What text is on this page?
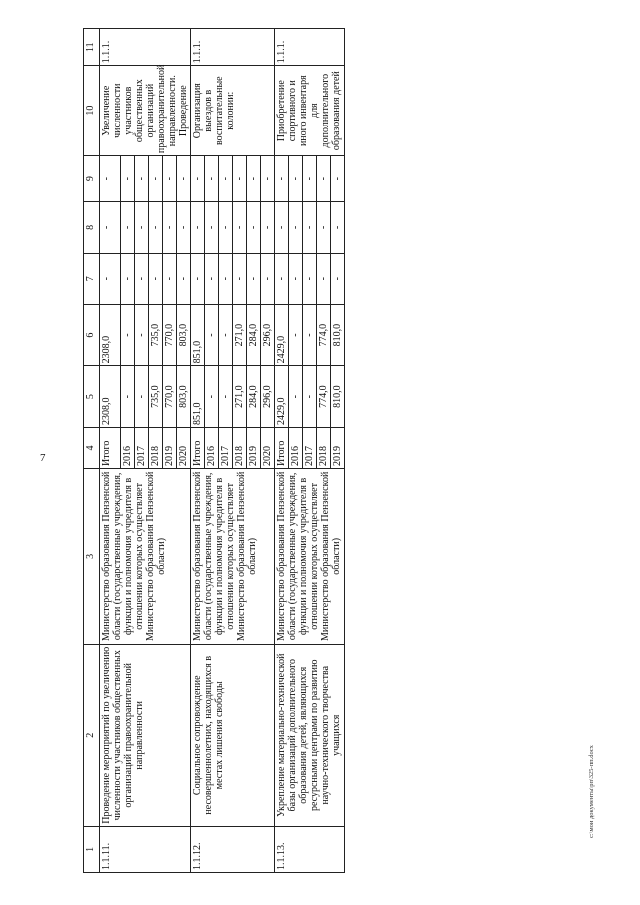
7
c:\мои документы\рп\325-пп.docx
1	2	3	4	5	6	7	8	9	10	11
1.1.11.	Проведение мероприятий по увеличению численности участников общественных организаций правоохранительной направленности	Министерство образования Пензенской области (государственные учреждения, функции и полномочия учредителя в отношении которых осуществляет Министерство образования Пензенской области)	Итого	2308,0	2308,0	-	-	-	Увеличение численности участников общественных организаций правоохранительной направленности. Проведение	1.1.1.
			2016	-	-	-	-	-		
			2017	-	-	-	-	-		
			2018	735,0	735,0	-	-	-		
			2019	770,0	770,0	-	-	-		
			2020	803,0	803,0	-	-	-		
1.1.12.	Социальное сопровождение несовершеннолетних, находящихся в местах лишения свободы	Министерство образования Пензенской области (государственные учреждения, функции и полномочия учредителя в отношении которых осуществляет Министерство образования Пензенской области)	Итого	851,0	851,0	-	-	-	Организация выездов в воспитательные колонии:	1.1.1.
			2016	-	-	-	-	-		
			2017	-	-	-	-	-		
			2018	271,0	271,0	-	-	-		
			2019	284,0	284,0	-	-	-		
			2020	296,0	296,0	-	-	-		
1.1.13.	Укрепление материально-технической базы организаций дополнительного образования детей, являющихся ресурсными центрами по развитию научно-технического творчества учащихся	Министерство образования Пензенской области (государственные учреждения, функции и полномочия учредителя в отношении которых осуществляет Министерство образования Пензенской области)	Итого	2429,0	2429,0	-	-	-	Приобретение спортивного и иного инвентаря для дополнительного образования детей	1.1.1.
			2016	-	-	-	-	-		
			2017	-	-	-	-	-		
			2018	774,0	774,0	-	-	-		
			2019	810,0	810,0	-	-	-		
